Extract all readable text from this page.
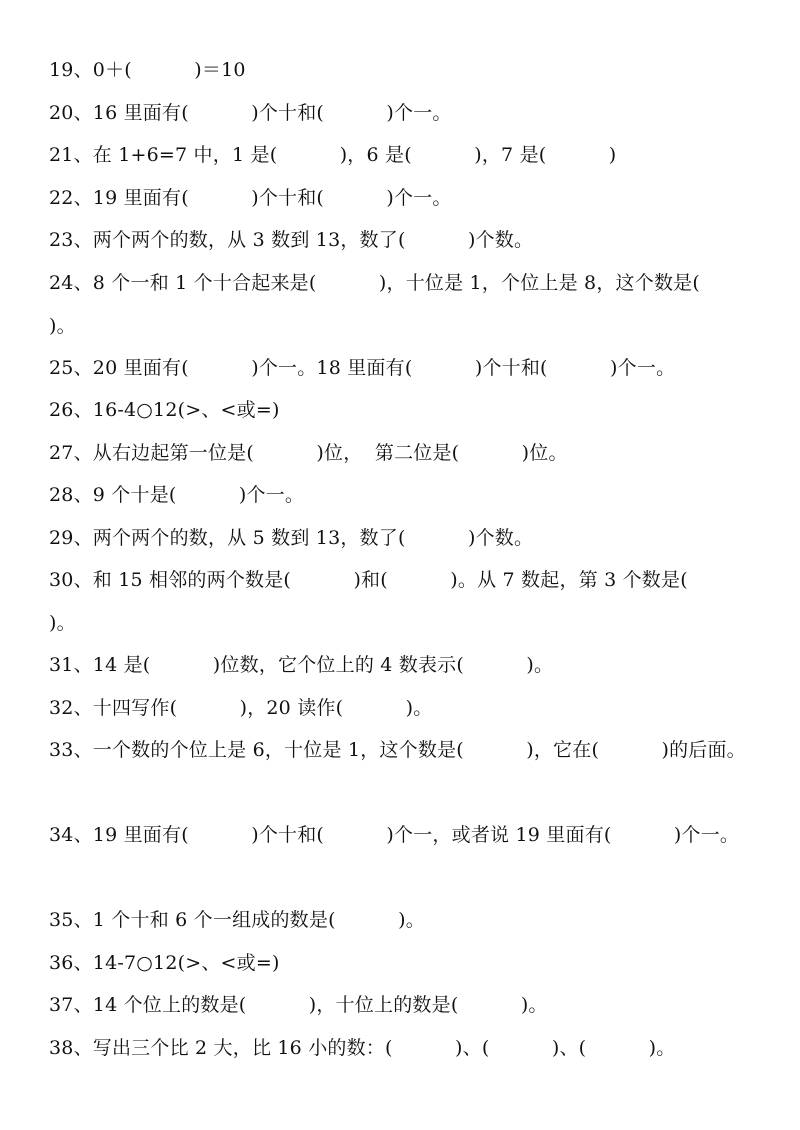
19、0＋(          )＝10
20、16 里面有(          )个十和(          )个一。
21、在 1+6=7 中，1 是(          )，6 是(          )，7 是(          )
22、19 里面有(          )个十和(          )个一。
23、两个两个的数，从 3 数到 13，数了(          )个数。
24、8 个一和 1 个十合起来是(          )，十位是 1，个位上是 8，这个数是(          )。
25、20 里面有(          )个一。18 里面有(          )个十和(          )个一。
26、16-4○12(>、<或=)
27、从右边起第一位是(          )位，  第二位是(          )位。
28、9 个十是(          )个一。
29、两个两个的数，从 5 数到 13，数了(          )个数。
30、和 15 相邻的两个数是(          )和(          )。从 7 数起，第 3 个数是(          )。
31、14 是(          )位数，它个位上的 4 数表示(          )。
32、十四写作(          )，20 读作(          )。
33、一个数的个位上是 6，十位是 1，这个数是(          )，它在(          )的后面。
34、19 里面有(          )个十和(          )个一，或者说 19 里面有(          )个一。
35、1 个十和 6 个一组成的数是(          )。
36、14-7○12(>、<或=)
37、14 个位上的数是(          )，十位上的数是(          )。
38、写出三个比 2 大，比 16 小的数：(          )、(          )、(          )。
